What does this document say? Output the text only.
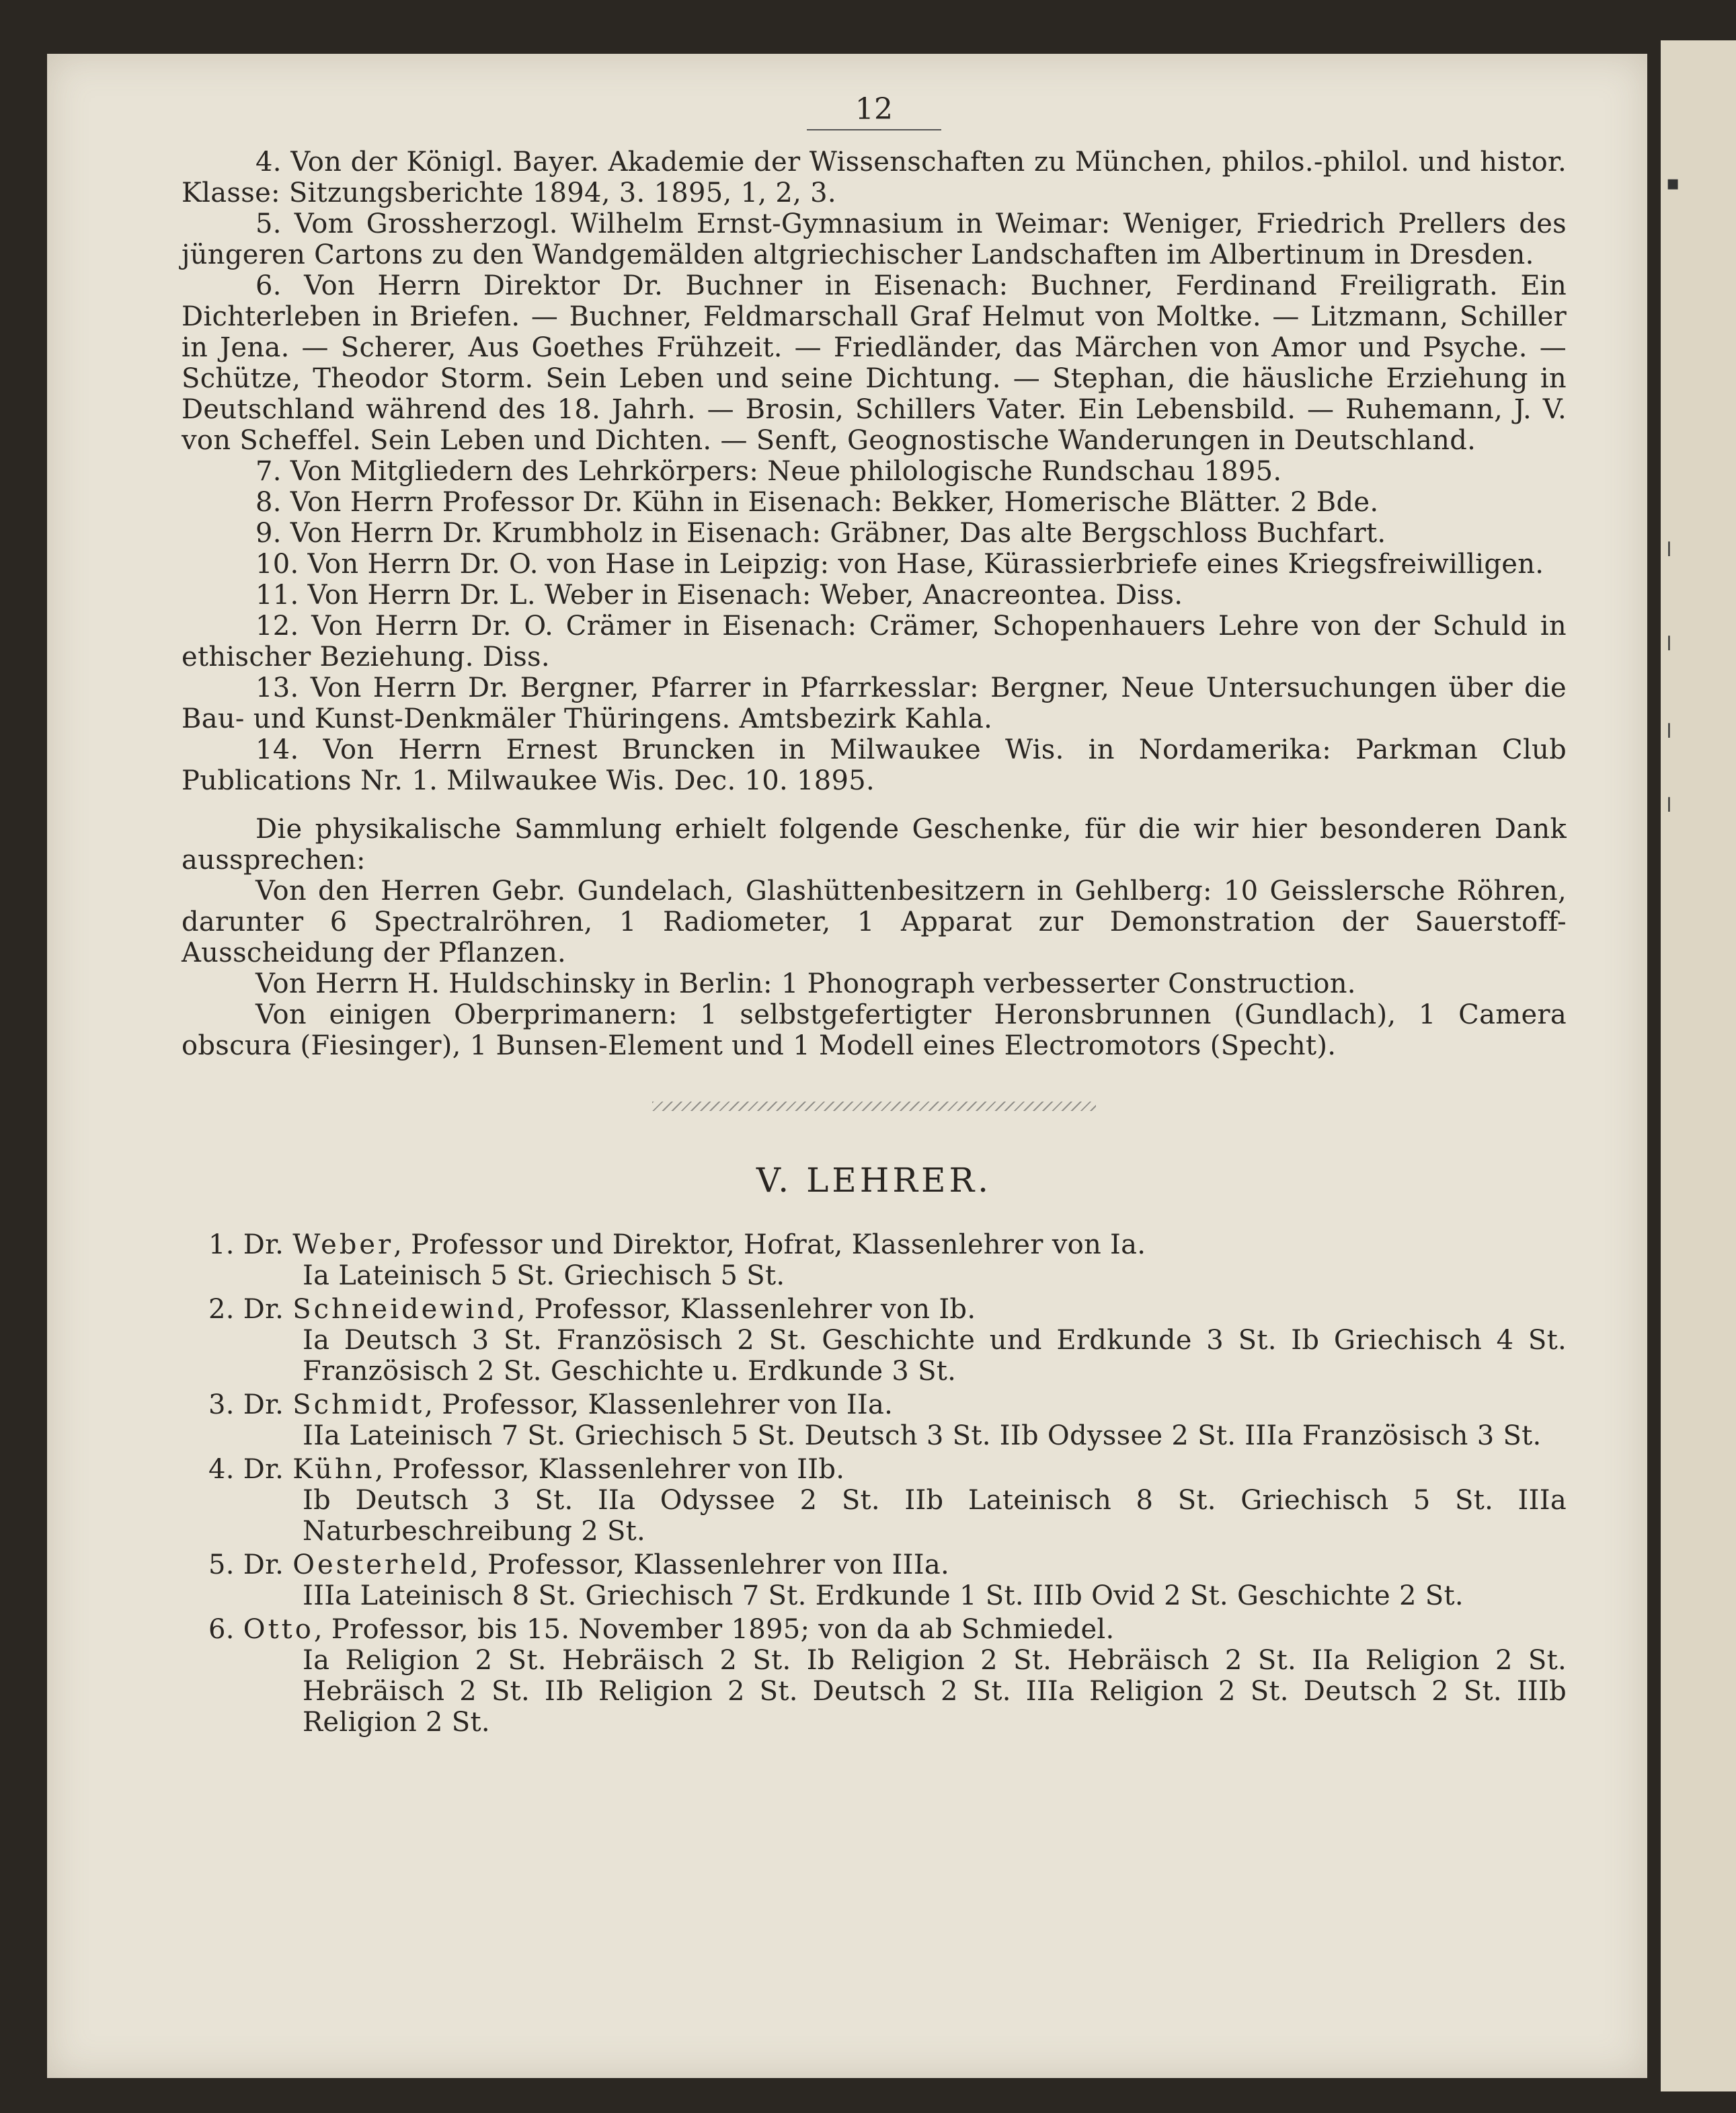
▪
ǀ
ǀ
ǀ
ǀ
12

4. Von der Königl. Bayer. Akademie der Wissenschaften zu München, philos.-philol. und histor. Klasse: Sitzungsberichte 1894, 3. 1895, 1, 2, 3.

5. Vom Grossherzogl. Wilhelm Ernst-Gymnasium in Weimar: Weniger, Friedrich Prellers des jüngeren Cartons zu den Wandgemälden altgriechischer Landschaften im Albertinum in Dresden.

6. Von Herrn Direktor Dr. Buchner in Eisenach: Buchner, Ferdinand Freiligrath. Ein Dichterleben in Briefen. — Buchner, Feldmarschall Graf Helmut von Moltke. — Litzmann, Schiller in Jena. — Scherer, Aus Goethes Frühzeit. — Friedländer, das Märchen von Amor und Psyche. — Schütze, Theodor Storm. Sein Leben und seine Dichtung. — Stephan, die häusliche Erziehung in Deutschland während des 18. Jahrh. — Brosin, Schillers Vater. Ein Lebensbild. — Ruhemann, J. V. von Scheffel. Sein Leben und Dichten. — Senft, Geognostische Wanderungen in Deutschland.

7. Von Mitgliedern des Lehrkörpers: Neue philologische Rundschau 1895.

8. Von Herrn Professor Dr. Kühn in Eisenach: Bekker, Homerische Blätter. 2 Bde.

9. Von Herrn Dr. Krumbholz in Eisenach: Gräbner, Das alte Bergschloss Buchfart.

10. Von Herrn Dr. O. von Hase in Leipzig: von Hase, Kürassierbriefe eines Kriegsfreiwilligen.

11. Von Herrn Dr. L. Weber in Eisenach: Weber, Anacreontea. Diss.

12. Von Herrn Dr. O. Crämer in Eisenach: Crämer, Schopenhauers Lehre von der Schuld in ethischer Beziehung. Diss.

13. Von Herrn Dr. Bergner, Pfarrer in Pfarrkesslar: Bergner, Neue Untersuchungen über die Bau- und Kunst-Denkmäler Thüringens. Amtsbezirk Kahla.

14. Von Herrn Ernest Bruncken in Milwaukee Wis. in Nordamerika: Parkman Club Publications Nr. 1. Milwaukee Wis. Dec. 10. 1895.

Die physikalische Sammlung erhielt folgende Geschenke, für die wir hier besonderen Dank aussprechen:

Von den Herren Gebr. Gundelach, Glashüttenbesitzern in Gehlberg: 10 Geisslersche Röhren, darunter 6 Spectralröhren, 1 Radiometer, 1 Apparat zur Demonstration der Sauerstoff-Ausscheidung der Pflanzen.

Von Herrn H. Huldschinsky in Berlin: 1 Phonograph verbesserter Construction.

Von einigen Oberprimanern: 1 selbstgefertigter Heronsbrunnen (Gundlach), 1 Camera obscura (Fiesinger), 1 Bunsen-Element und 1 Modell eines Electromotors (Specht).

V. LEHRER.
1. Dr. Weber, Professor und Direktor, Hofrat, Klassenlehrer von Ia.
Ia Lateinisch 5 St. Griechisch 5 St.
2. Dr. Schneidewind, Professor, Klassenlehrer von Ib.
Ia Deutsch 3 St. Französisch 2 St. Geschichte und Erdkunde 3 St. Ib Griechisch 4 St. Französisch 2 St. Geschichte u. Erdkunde 3 St.
3. Dr. Schmidt, Professor, Klassenlehrer von IIa.
IIa Lateinisch 7 St. Griechisch 5 St. Deutsch 3 St. IIb Odyssee 2 St. IIIa Französisch 3 St.
4. Dr. Kühn, Professor, Klassenlehrer von IIb.
Ib Deutsch 3 St. IIa Odyssee 2 St. IIb Lateinisch 8 St. Griechisch 5 St. IIIa Naturbeschreibung 2 St.
5. Dr. Oesterheld, Professor, Klassenlehrer von IIIa.
IIIa Lateinisch 8 St. Griechisch 7 St. Erdkunde 1 St. IIIb Ovid 2 St. Geschichte 2 St.
6. Otto, Professor, bis 15. November 1895; von da ab Schmiedel.
Ia Religion 2 St. Hebräisch 2 St. Ib Religion 2 St. Hebräisch 2 St. IIa Religion 2 St. Hebräisch 2 St. IIb Religion 2 St. Deutsch 2 St. IIIa Religion 2 St. Deutsch 2 St. IIIb Religion 2 St.
